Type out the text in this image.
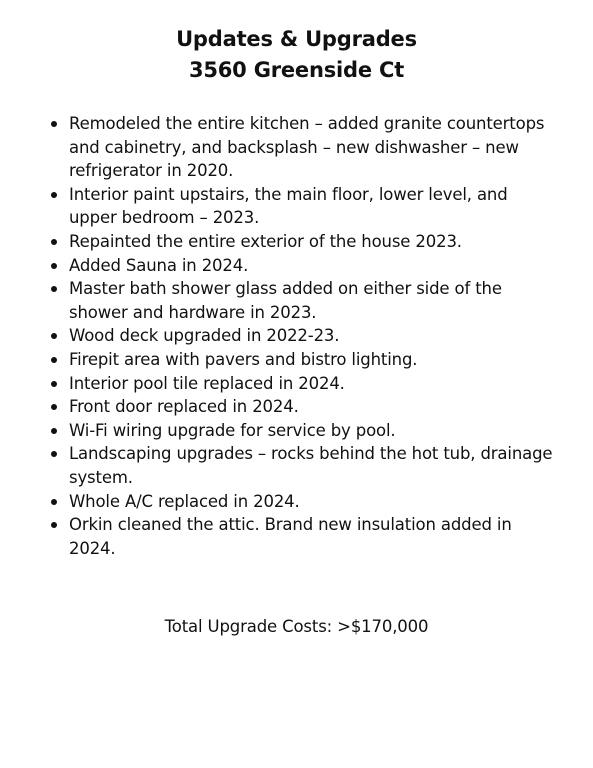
Updates & Upgrades
3560 Greenside Ct
Remodeled the entire kitchen – added granite countertops and cabinetry, and backsplash – new dishwasher – new refrigerator in 2020.
Interior paint upstairs, the main floor, lower level, and upper bedroom – 2023.
Repainted the entire exterior of the house 2023.
Added Sauna in 2024.
Master bath shower glass added on either side of the shower and hardware in 2023.
Wood deck upgraded in 2022-23.
Firepit area with pavers and bistro lighting.
Interior pool tile replaced in 2024.
Front door replaced in 2024.
Wi-Fi wiring upgrade for service by pool.
Landscaping upgrades – rocks behind the hot tub, drainage system.
Whole A/C replaced in 2024.
Orkin cleaned the attic. Brand new insulation added in 2024.
Total Upgrade Costs: >$170,000
